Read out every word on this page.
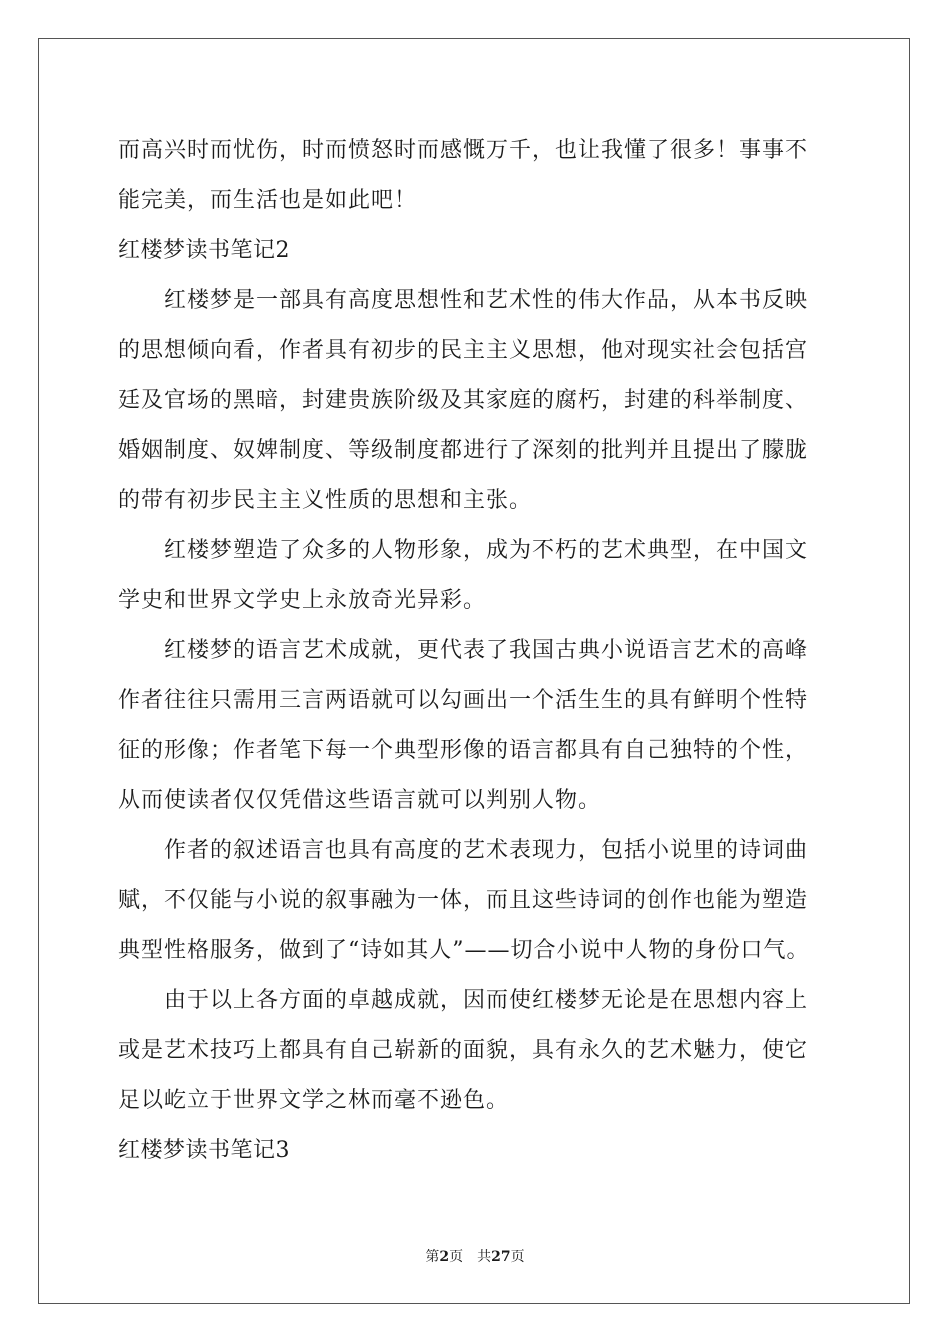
而高兴时而忧伤，时而愤怒时而感慨万千，也让我懂了很多！事事不
能完美，而生活也是如此吧！
红楼梦读书笔记2
红楼梦是一部具有高度思想性和艺术性的伟大作品，从本书反映
的思想倾向看，作者具有初步的民主主义思想，他对现实社会包括宫
廷及官场的黑暗，封建贵族阶级及其家庭的腐朽，封建的科举制度、
婚姻制度、奴婢制度、等级制度都进行了深刻的批判并且提出了朦胧
的带有初步民主主义性质的思想和主张。
红楼梦塑造了众多的人物形象，成为不朽的艺术典型，在中国文
学史和世界文学史上永放奇光异彩。
红楼梦的语言艺术成就，更代表了我国古典小说语言艺术的高峰
作者往往只需用三言两语就可以勾画出一个活生生的具有鲜明个性特
征的形像；作者笔下每一个典型形像的语言都具有自己独特的个性，
从而使读者仅仅凭借这些语言就可以判别人物。
作者的叙述语言也具有高度的艺术表现力，包括小说里的诗词曲
赋，不仅能与小说的叙事融为一体，而且这些诗词的创作也能为塑造
典型性格服务，做到了“诗如其人”——切合小说中人物的身份口气。
由于以上各方面的卓越成就，因而使红楼梦无论是在思想内容上
或是艺术技巧上都具有自己崭新的面貌，具有永久的艺术魅力，使它
足以屹立于世界文学之林而毫不逊色。
红楼梦读书笔记3
第2页 共27页
